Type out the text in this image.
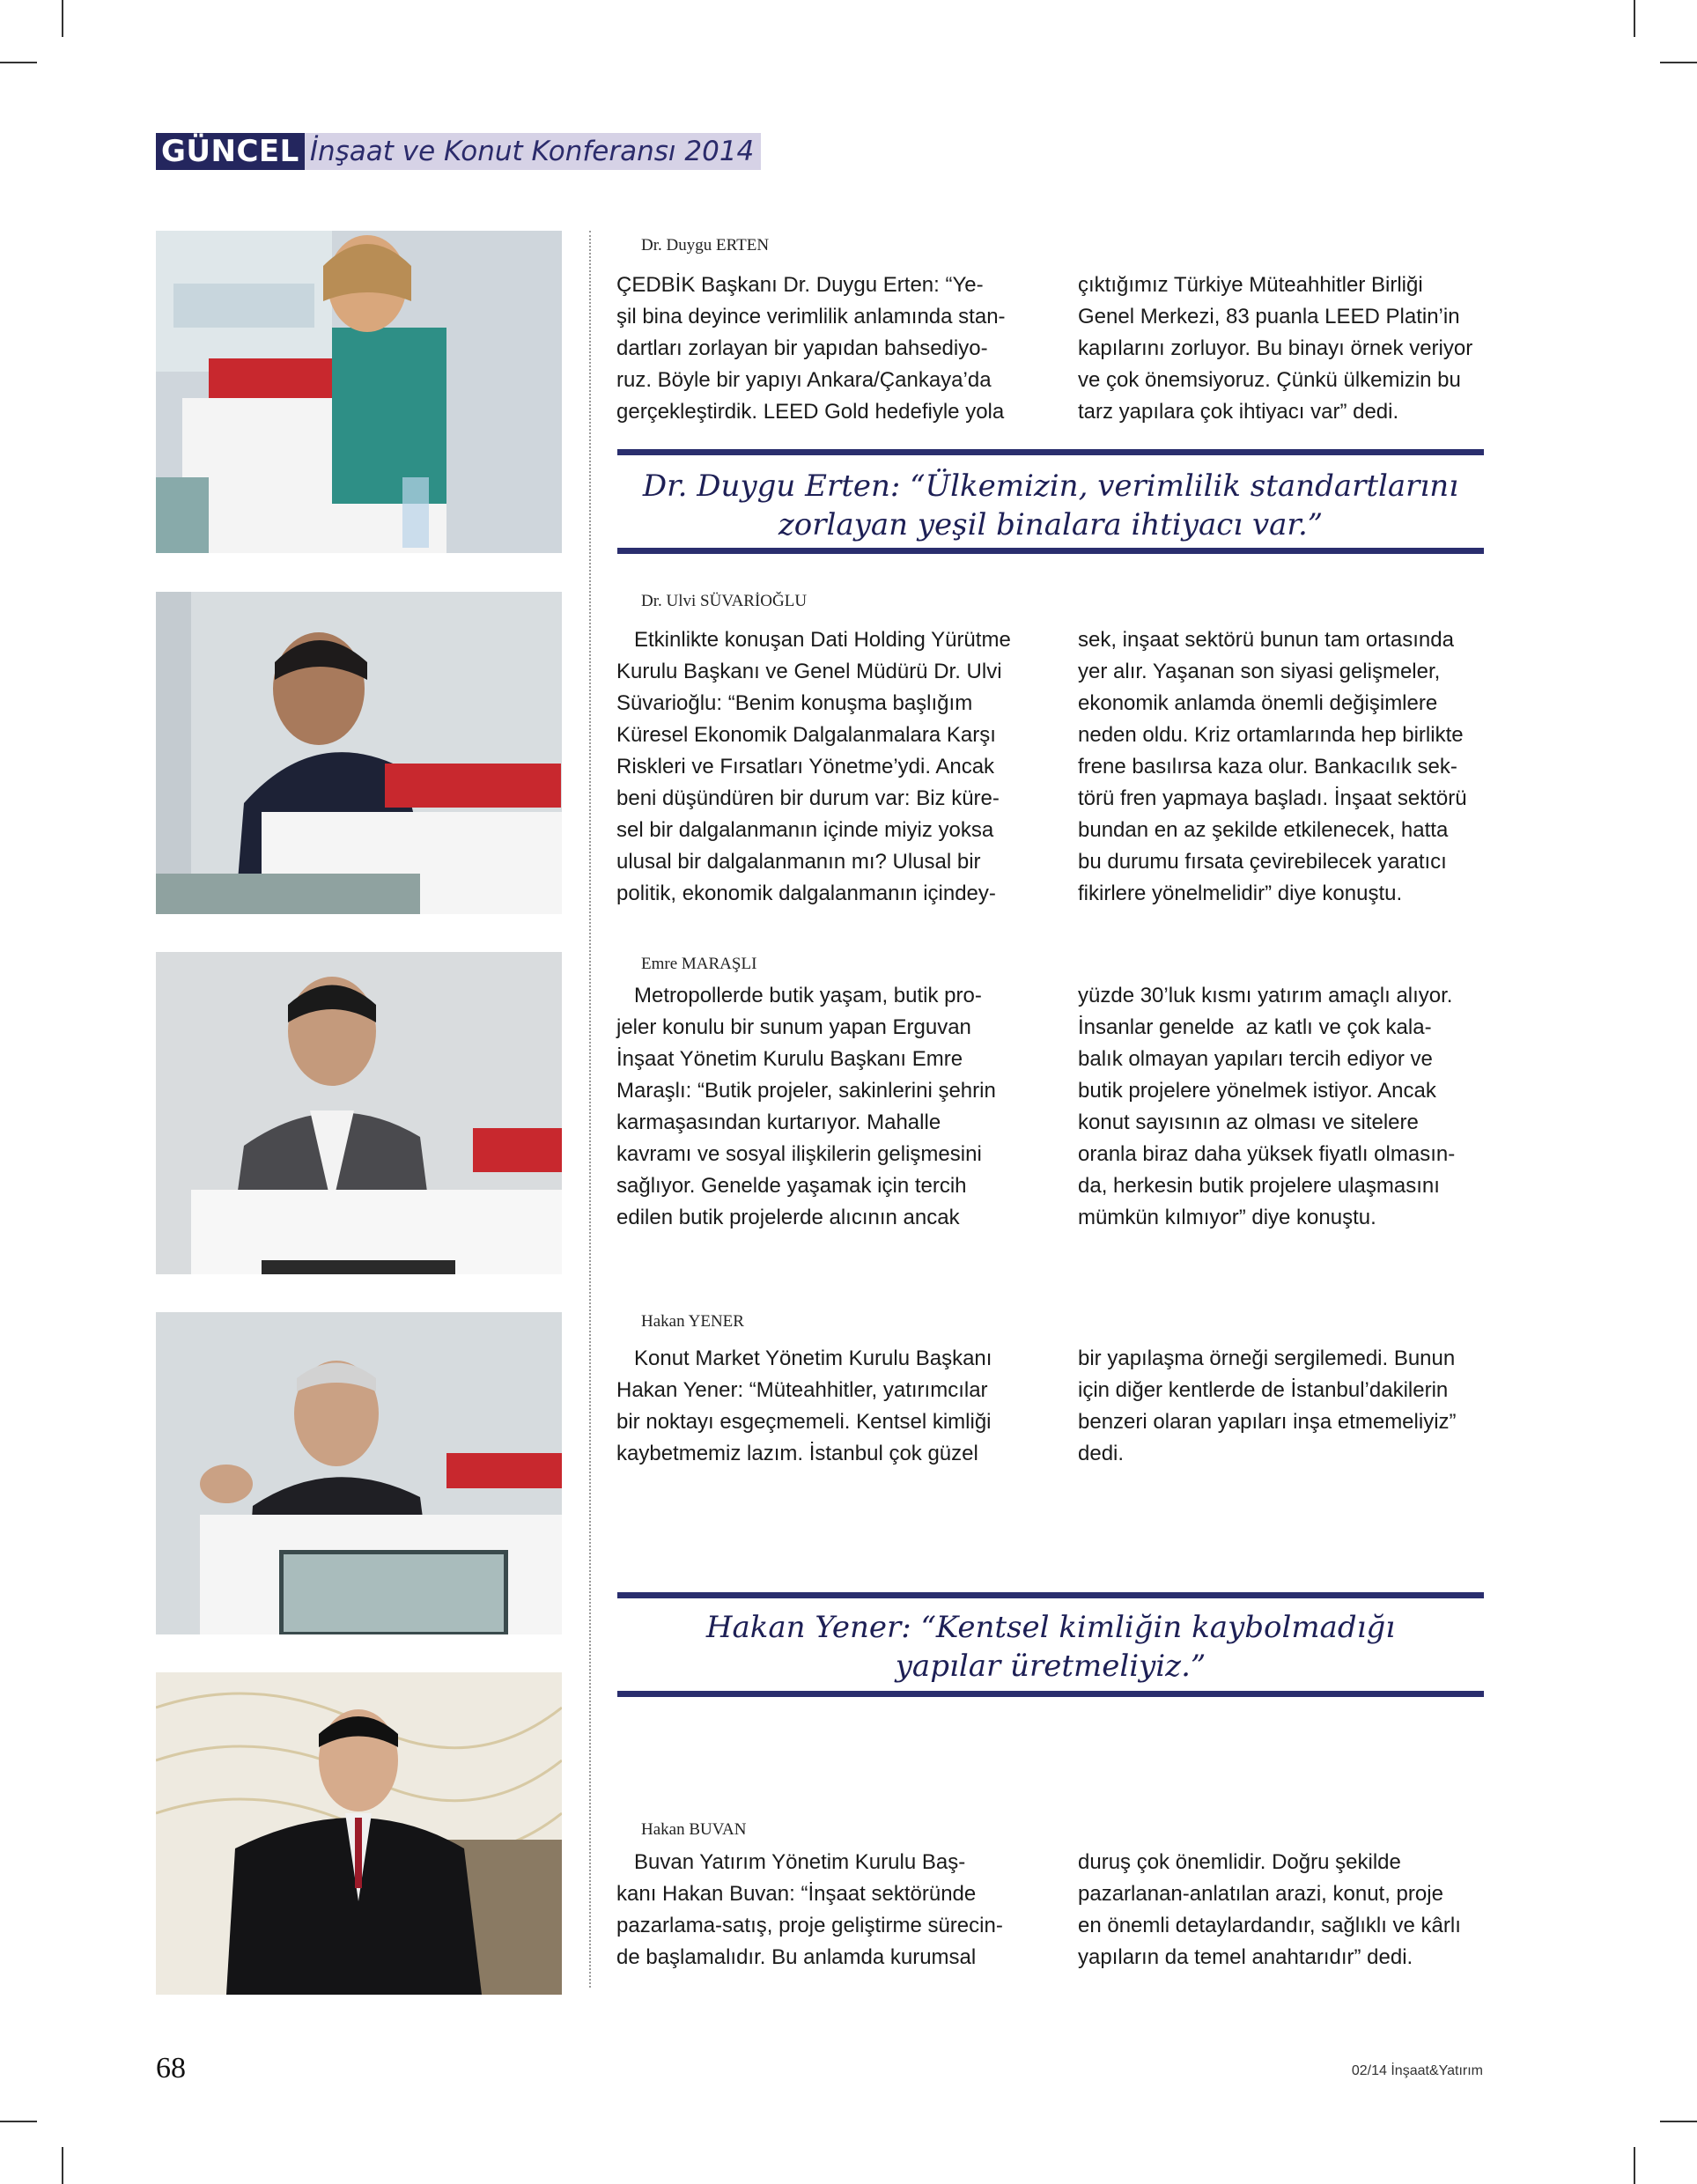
GÜNCEL İnşaat ve Konut Konferansı 2014
Dr. Duygu ERTEN
ÇEDBİK Başkanı Dr. Duygu Erten: “Ye-
şil bina deyince verimlilik anlamında stan-
dartları zorlayan bir yapıdan bahsediyo-
ruz. Böyle bir yapıyı Ankara/Çankaya’da
gerçekleştirdik. LEED Gold hedefiyle yola
çıktığımız Türkiye Müteahhitler Birliği
Genel Merkezi, 83 puanla LEED Platin’in
kapılarını zorluyor. Bu binayı örnek veriyor
ve çok önemsiyoruz. Çünkü ülkemizin bu
tarz yapılara çok ihtiyacı var” dedi.
Dr. Duygu Erten: “Ülkemizin, verimlilik standartlarını
zorlayan yeşil binalara ihtiyacı var.”
Dr. Ulvi SÜVARİOĞLU
Etkinlikte konuşan Dati Holding Yürütme
Kurulu Başkanı ve Genel Müdürü Dr. Ulvi
Süvarioğlu: “Benim konuşma başlığım
Küresel Ekonomik Dalgalanmalara Karşı
Riskleri ve Fırsatları Yönetme’ydi. Ancak
beni düşündüren bir durum var: Biz küre-
sel bir dalgalanmanın içinde miyiz yoksa
ulusal bir dalgalanmanın mı? Ulusal bir
politik, ekonomik dalgalanmanın içindey-
sek, inşaat sektörü bunun tam ortasında
yer alır. Yaşanan son siyasi gelişmeler,
ekonomik anlamda önemli değişimlere
neden oldu. Kriz ortamlarında hep birlikte
frene basılırsa kaza olur. Bankacılık sek-
törü fren yapmaya başladı. İnşaat sektörü
bundan en az şekilde etkilenecek, hatta
bu durumu fırsata çevirebilecek yaratıcı
fikirlere yönelmelidir” diye konuştu.
Emre MARAŞLI
Metropollerde butik yaşam, butik pro-
jeler konulu bir sunum yapan Erguvan
İnşaat Yönetim Kurulu Başkanı Emre
Maraşlı: “Butik projeler, sakinlerini şehrin
karmaşasından kurtarıyor. Mahalle
kavramı ve sosyal ilişkilerin gelişmesini
sağlıyor. Genelde yaşamak için tercih
edilen butik projelerde alıcının ancak
yüzde 30’luk kısmı yatırım amaçlı alıyor.
İnsanlar genelde  az katlı ve çok kala-
balık olmayan yapıları tercih ediyor ve
butik projelere yönelmek istiyor. Ancak
konut sayısının az olması ve sitelere
oranla biraz daha yüksek fiyatlı olmasın-
da, herkesin butik projelere ulaşmasını
mümkün kılmıyor” diye konuştu.
Hakan YENER
Konut Market Yönetim Kurulu Başkanı
Hakan Yener: “Müteahhitler, yatırımcılar
bir noktayı esgeçmemeli. Kentsel kimliği
kaybetmemiz lazım. İstanbul çok güzel
bir yapılaşma örneği sergilemedi. Bunun
için diğer kentlerde de İstanbul’dakilerin
benzeri olaran yapıları inşa etmemeliyiz”
dedi.
Hakan Yener: “Kentsel kimliğin kaybolmadığı
yapılar üretmeliyiz.”
Hakan BUVAN
Buvan Yatırım Yönetim Kurulu Baş-
kanı Hakan Buvan: “İnşaat sektöründe
pazarlama-satış, proje geliştirme sürecin-
de başlamalıdır. Bu anlamda kurumsal
duruş çok önemlidir. Doğru şekilde
pazarlanan-anlatılan arazi, konut, proje
en önemli detaylardandır, sağlıklı ve kârlı
yapıların da temel anahtarıdır” dedi.
68	02/14 İnşaat&Yatırım
